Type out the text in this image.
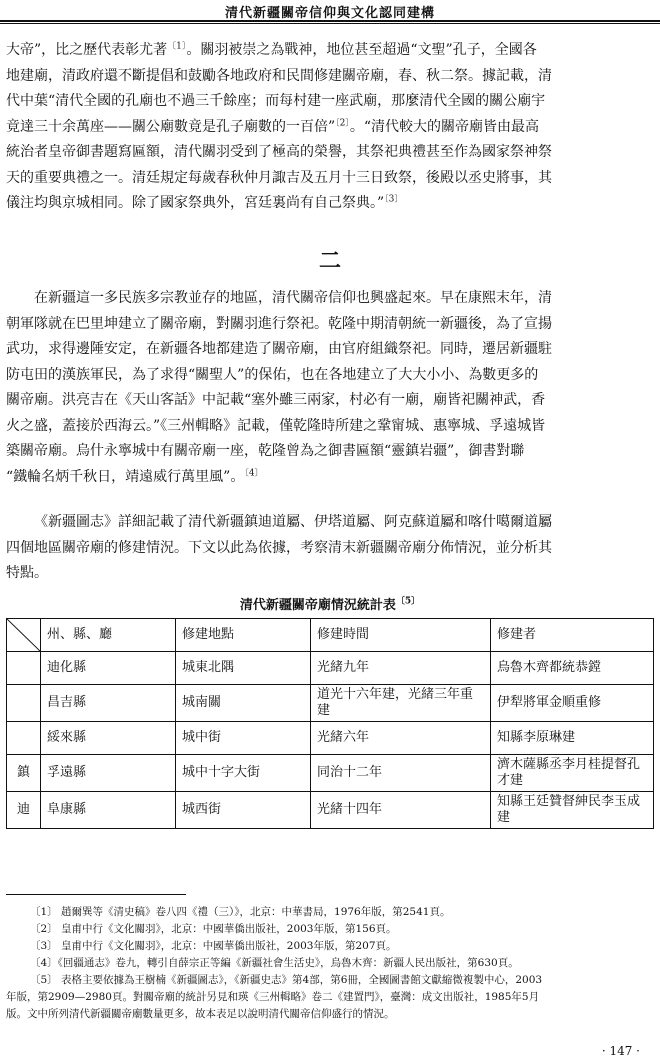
清代新疆關帝信仰與文化認同建構
大帝”，比之歷代表彰尤著$^{〔1〕}$。關羽被崇之為戰神，地位甚至超過“文聖”孔子，全國各
地建廟，清政府還不斷提倡和鼓勵各地政府和民間修建關帝廟，春、秋二祭。據記載，清
代中葉“清代全國的孔廟也不過三千餘座；而每村建一座武廟，那麼清代全國的關公廟宇
竟達三十余萬座——關公廟數竟是孔子廟數的一百倍”$^{〔2〕}$。“清代較大的關帝廟皆由最高
統治者皇帝御書題寫匾額，清代關羽受到了極高的榮譽，其祭祀典禮甚至作為國家祭神祭
天的重要典禮之一。清廷規定每歲春秋仲月諏吉及五月十三日致祭，後殿以丞史將事，其
儀注均與京城相同。除了國家祭典外，宮廷裏尚有自己祭典。”$^{〔3〕}$
二
在新疆這一多民族多宗教並存的地區，清代關帝信仰也興盛起來。早在康熙末年，清
朝軍隊就在巴里坤建立了關帝廟，對關羽進行祭祀。乾隆中期清朝統一新疆後，為了宣揚
武功，求得邊陲安定，在新疆各地都建造了關帝廟，由官府組織祭祀。同時，遷居新疆駐
防屯田的漢族軍民，為了求得“關聖人”的保佑，也在各地建立了大大小小、為數更多的
關帝廟。洪亮吉在《天山客話》中記載“塞外雖三兩家，村必有一廟，廟皆祀關神武，香
火之盛，蓋接於西海云。”《三州輯略》記載，僅乾隆時所建之鞏甯城、惠寧城、孚遠城皆
築關帝廟。烏什永寧城中有關帝廟一座，乾隆曾為之御書匾額“靈鎮岩疆”，御書對聯
“鐵輪名炳千秋日，靖遠威行萬里風”。$^{〔4〕}$
《新疆圖志》詳細記載了清代新疆鎮迪道屬、伊塔道屬、阿克蘇道屬和喀什噶爾道屬
四個地區關帝廟的修建情況。下文以此為依據，考察清末新疆關帝廟分佈情況，並分析其
特點。
清代新疆關帝廟情況統計表$^{〔5〕}$
	州、縣、廳	修建地點	修建時間	修建者
	迪化縣	城東北隅	光緒九年	烏魯木齊都統恭鏜
	昌吉縣	城南關	道光十六年建，光緒三年重建	伊犁將軍金順重修
	綏來縣	城中街	光緒六年	知縣李原琳建
鎮	孚遠縣	城中十字大街	同治十二年	濟木薩縣丞李月桂提督孔才建
迪	阜康縣	城西街	光緒十四年	知縣王廷贊督紳民李玉成建
〔1〕 趙爾巽等《清史稿》卷八四《禮（三）》，北京：中華書局，1976年版，第2541頁。
〔2〕 皇甫中行《文化關羽》，北京：中國華僑出版社，2003年版，第156頁。
〔3〕 皇甫中行《文化關羽》，北京：中國華僑出版社，2003年版，第207頁。
〔4〕《回疆通志》卷九，轉引自薛宗正等編《新疆社會生活史》，烏魯木齊：新疆人民出版社，第630頁。
〔5〕 表格主要依據為王樹楠《新疆圖志》，《新疆史志》第4部，第6冊，全國圖書館文獻縮微複製中心，2003
年版，第2909—2980頁。對關帝廟的統計另見和瑛《三州輯略》卷二《建置門》，臺灣：成文出版社，1985年5月
版。文中所列清代新疆關帝廟數量更多，故本表足以說明清代關帝信仰盛行的情況。
· 147 ·
